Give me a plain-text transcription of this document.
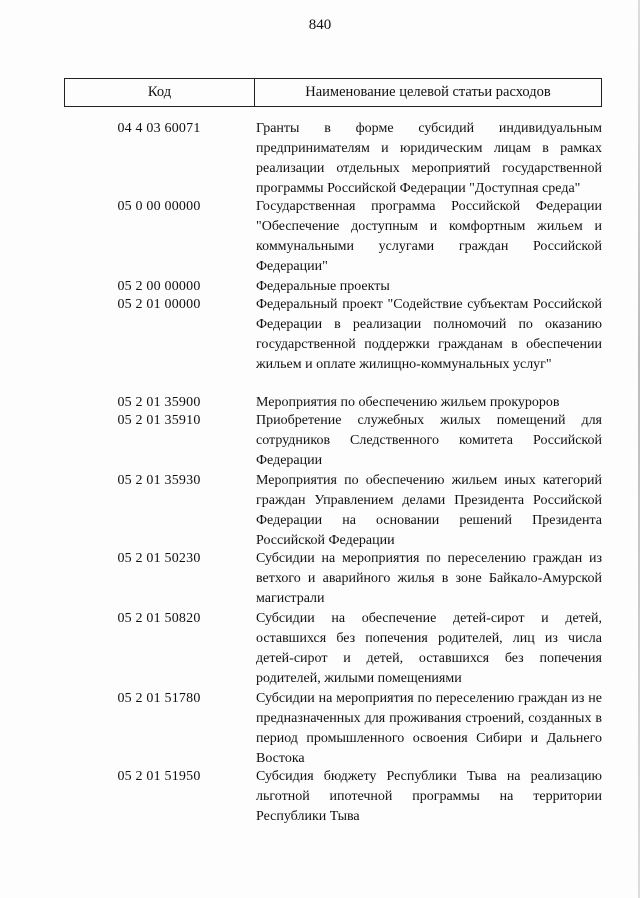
840
Код	Наименование целевой статьи расходов
04 4 03 60071	Гранты в форме субсидий индивидуальным предпринимателям и юридическим лицам в рамках реализации отдельных мероприятий государственной программы Российской Федерации "Доступная среда"
05 0 00 00000	Государственная программа Российской Федерации "Обеспечение доступным и комфортным жильем и коммунальными услугами граждан Российской Федерации"
05 2 00 00000	Федеральные проекты
05 2 01 00000	Федеральный проект "Содействие субъектам Российской Федерации в реализации полномочий по оказанию государственной поддержки гражданам в обеспечении жильем и оплате жилищно-коммунальных услуг"
05 2 01 35900	Мероприятия по обеспечению жильем прокуроров
05 2 01 35910	Приобретение служебных жилых помещений для сотрудников Следственного комитета Российской Федерации
05 2 01 35930	Мероприятия по обеспечению жильем иных категорий граждан Управлением делами Президента Российской Федерации на основании решений Президента Российской Федерации
05 2 01 50230	Субсидии на мероприятия по переселению граждан из ветхого и аварийного жилья в зоне Байкало-Амурской магистрали
05 2 01 50820	Субсидии на обеспечение детей-сирот и детей, оставшихся без попечения родителей, лиц из числа детей-сирот и детей, оставшихся без попечения родителей, жилыми помещениями
05 2 01 51780	Субсидии на мероприятия по переселению граждан из не предназначенных для проживания строений, созданных в период промышленного освоения Сибири и Дальнего Востока
05 2 01 51950	Субсидия бюджету Республики Тыва на реализацию льготной ипотечной программы на территории Республики Тыва
